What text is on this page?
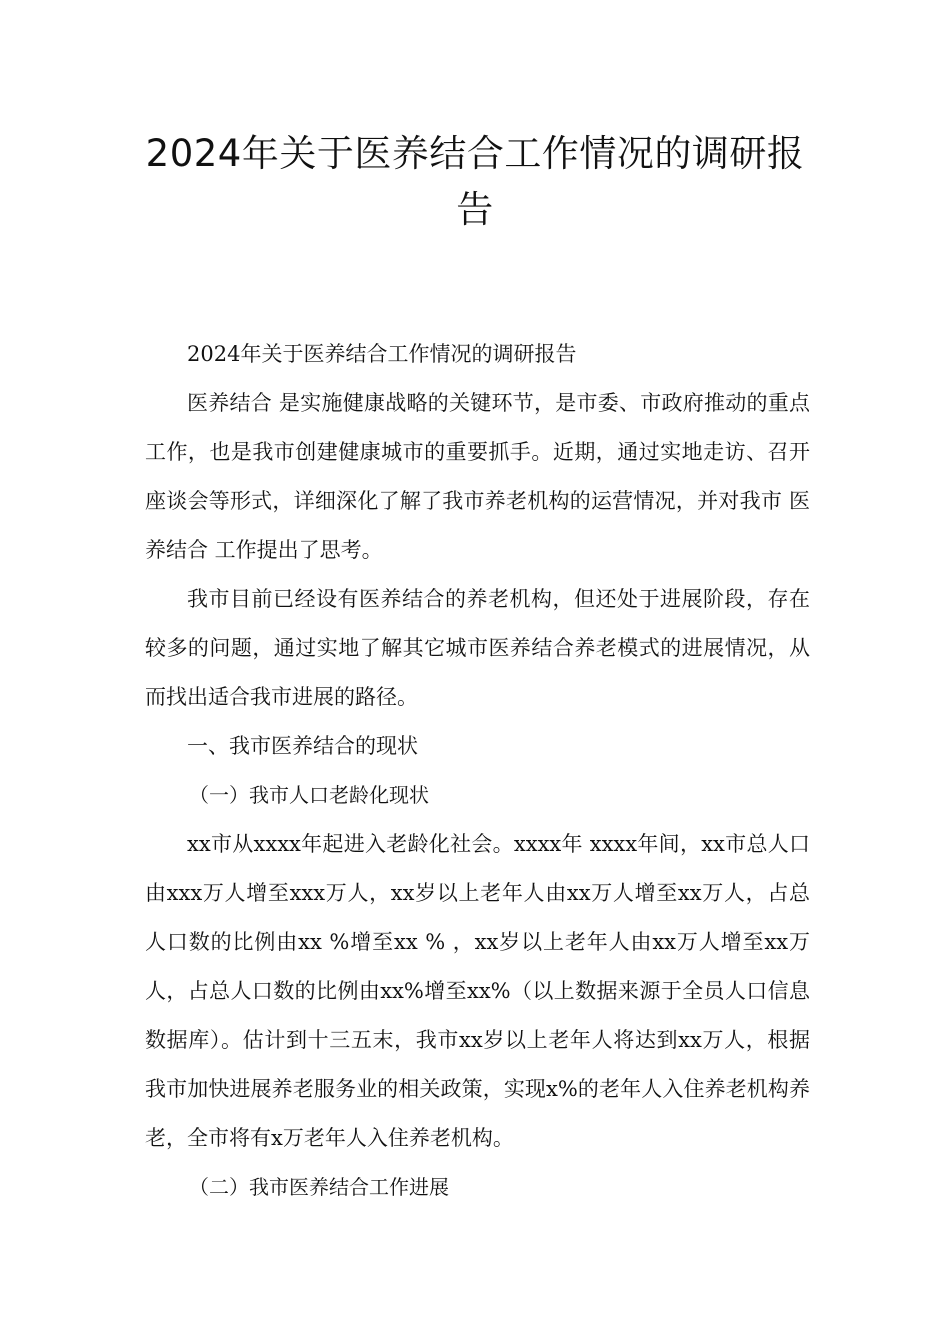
2024年关于医养结合工作情况的调研报告

2024年关于医养结合工作情况的调研报告

医养结合 是实施健康战略的关键环节，是市委、市政府推动的重点工作，也是我市创建健康城市的重要抓手。近期，通过实地走访、召开座谈会等形式，详细深化了解了我市养老机构的运营情况，并对我市 医养结合 工作提出了思考。

我市目前已经设有医养结合的养老机构，但还处于进展阶段，存在较多的问题，通过实地了解其它城市医养结合养老模式的进展情况，从而找出适合我市进展的路径。

一、我市医养结合的现状

（一）我市人口老龄化现状

xx市从xxxx年起进入老龄化社会。xxxx年 xxxx年间，xx市总人口由xxx万人增至xxx万人，xx岁以上老年人由xx万人增至xx万人，占总人口数的比例由xx %增至xx % ，xx岁以上老年人由xx万人增至xx万人，占总人口数的比例由xx%增至xx%（以上数据来源于全员人口信息数据库）。估计到十三五末，我市xx岁以上老年人将达到xx万人，根据我市加快进展养老服务业的相关政策，实现x%的老年人入住养老机构养老，全市将有x万老年人入住养老机构。

（二）我市医养结合工作进展
